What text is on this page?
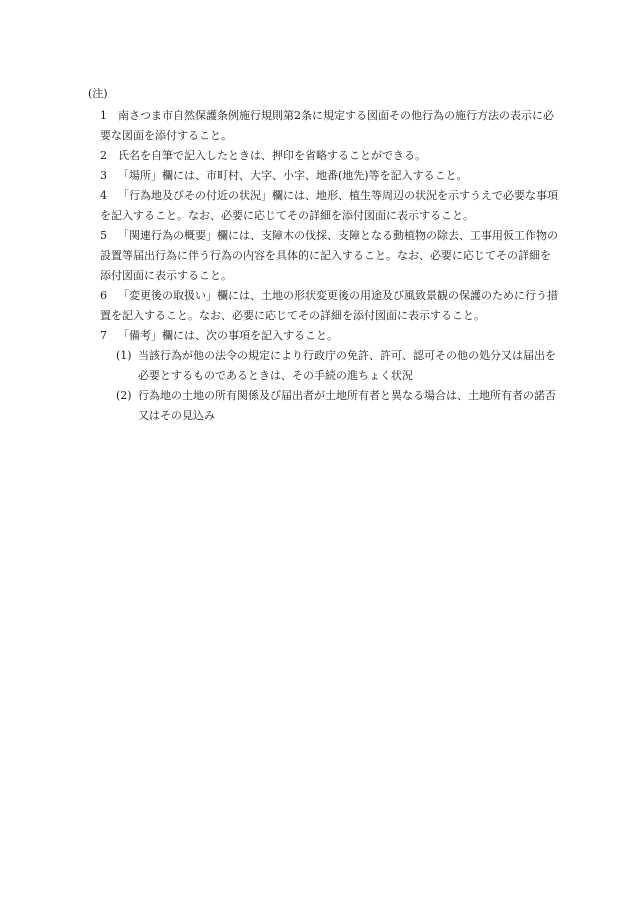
(注)
1	南さつま市自然保護条例施行規則第2条に規定する図面その他行為の施行方法の表示に必要な図面を添付すること。
2	氏名を自筆で記入したときは、押印を省略することができる。
3	「場所」欄には、市町村、大字、小字、地番(地先)等を記入すること。
4	「行為地及びその付近の状況」欄には、地形、植生等周辺の状況を示すうえで必要な事項を記入すること。なお、必要に応じてその詳細を添付図面に表示すること。
5	「関連行為の概要」欄には、支障木の伐採、支障となる動植物の除去、工事用仮工作物の設置等届出行為に伴う行為の内容を具体的に記入すること。なお、必要に応じてその詳細を添付図面に表示すること。
6	「変更後の取扱い」欄には、土地の形状変更後の用途及び風致景観の保護のために行う措置を記入すること。なお、必要に応じてその詳細を添付図面に表示すること。
7	「備考」欄には、次の事項を記入すること。
(1) 当該行為が他の法令の規定により行政庁の免許、許可、認可その他の処分又は届出を必要とするものであるときは、その手続の進ちょく状況
(2) 行為地の土地の所有関係及び届出者が土地所有者と異なる場合は、土地所有者の諾否又はその見込み
